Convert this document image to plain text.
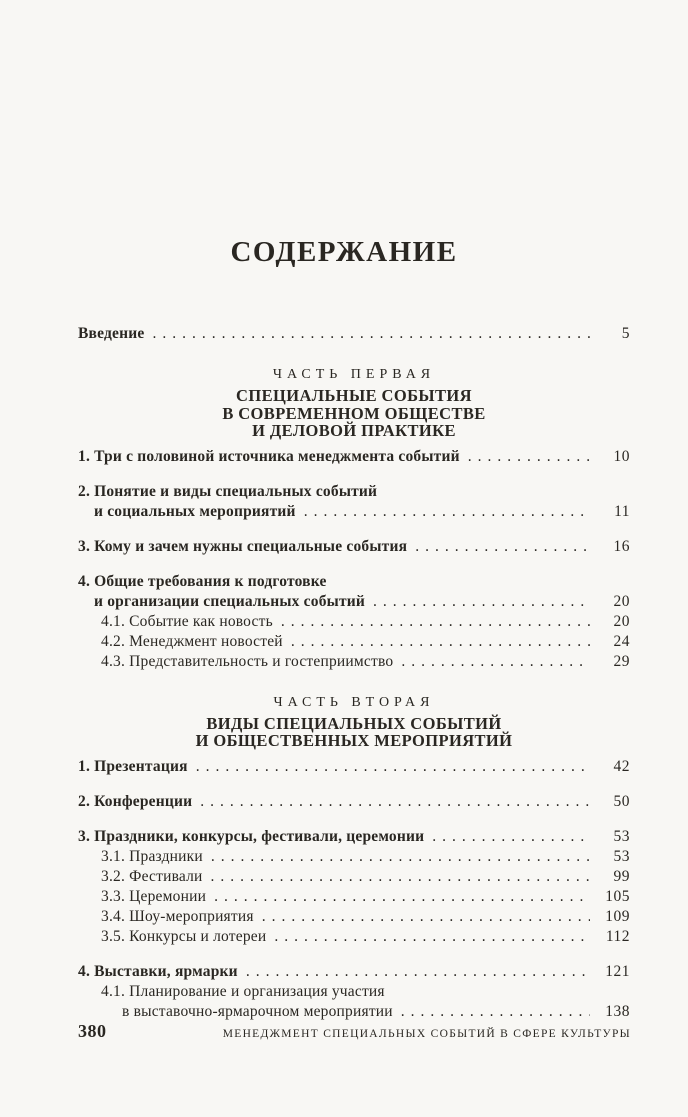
СОДЕРЖАНИЕ
Введение .....	5
ЧАСТЬ ПЕРВАЯ
СПЕЦИАЛЬНЫЕ СОБЫТИЯ
В СОВРЕМЕННОМ ОБЩЕСТВЕ
И ДЕЛОВОЙ ПРАКТИКЕ
1. Три с половиной источника менеджмента событий .....	10
2. Понятие и виды специальных событий
и социальных мероприятий .....	11
3. Кому и зачем нужны специальные события .....	16
4. Общие требования к подготовке
и организации специальных событий .....	20
4.1. Событие как новость .....	20
4.2. Менеджмент новостей .....	24
4.3. Представительность и гостеприимство .....	29
ЧАСТЬ ВТОРАЯ
ВИДЫ СПЕЦИАЛЬНЫХ СОБЫТИЙ
И ОБЩЕСТВЕННЫХ МЕРОПРИЯТИЙ
1. Презентация .....	42
2. Конференции .....	50
3. Праздники, конкурсы, фестивали, церемонии .....	53
3.1. Праздники .....	53
3.2. Фестивали .....	99
3.3. Церемонии .....	105
3.4. Шоу-мероприятия .....	109
3.5. Конкурсы и лотереи .....	112
4. Выставки, ярмарки .....	121
4.1. Планирование и организация участия
в выставочно-ярмарочном мероприятии .....	138
380	МЕНЕДЖМЕНТ СПЕЦИАЛЬНЫХ СОБЫТИЙ В СФЕРЕ КУЛЬТУРЫ
